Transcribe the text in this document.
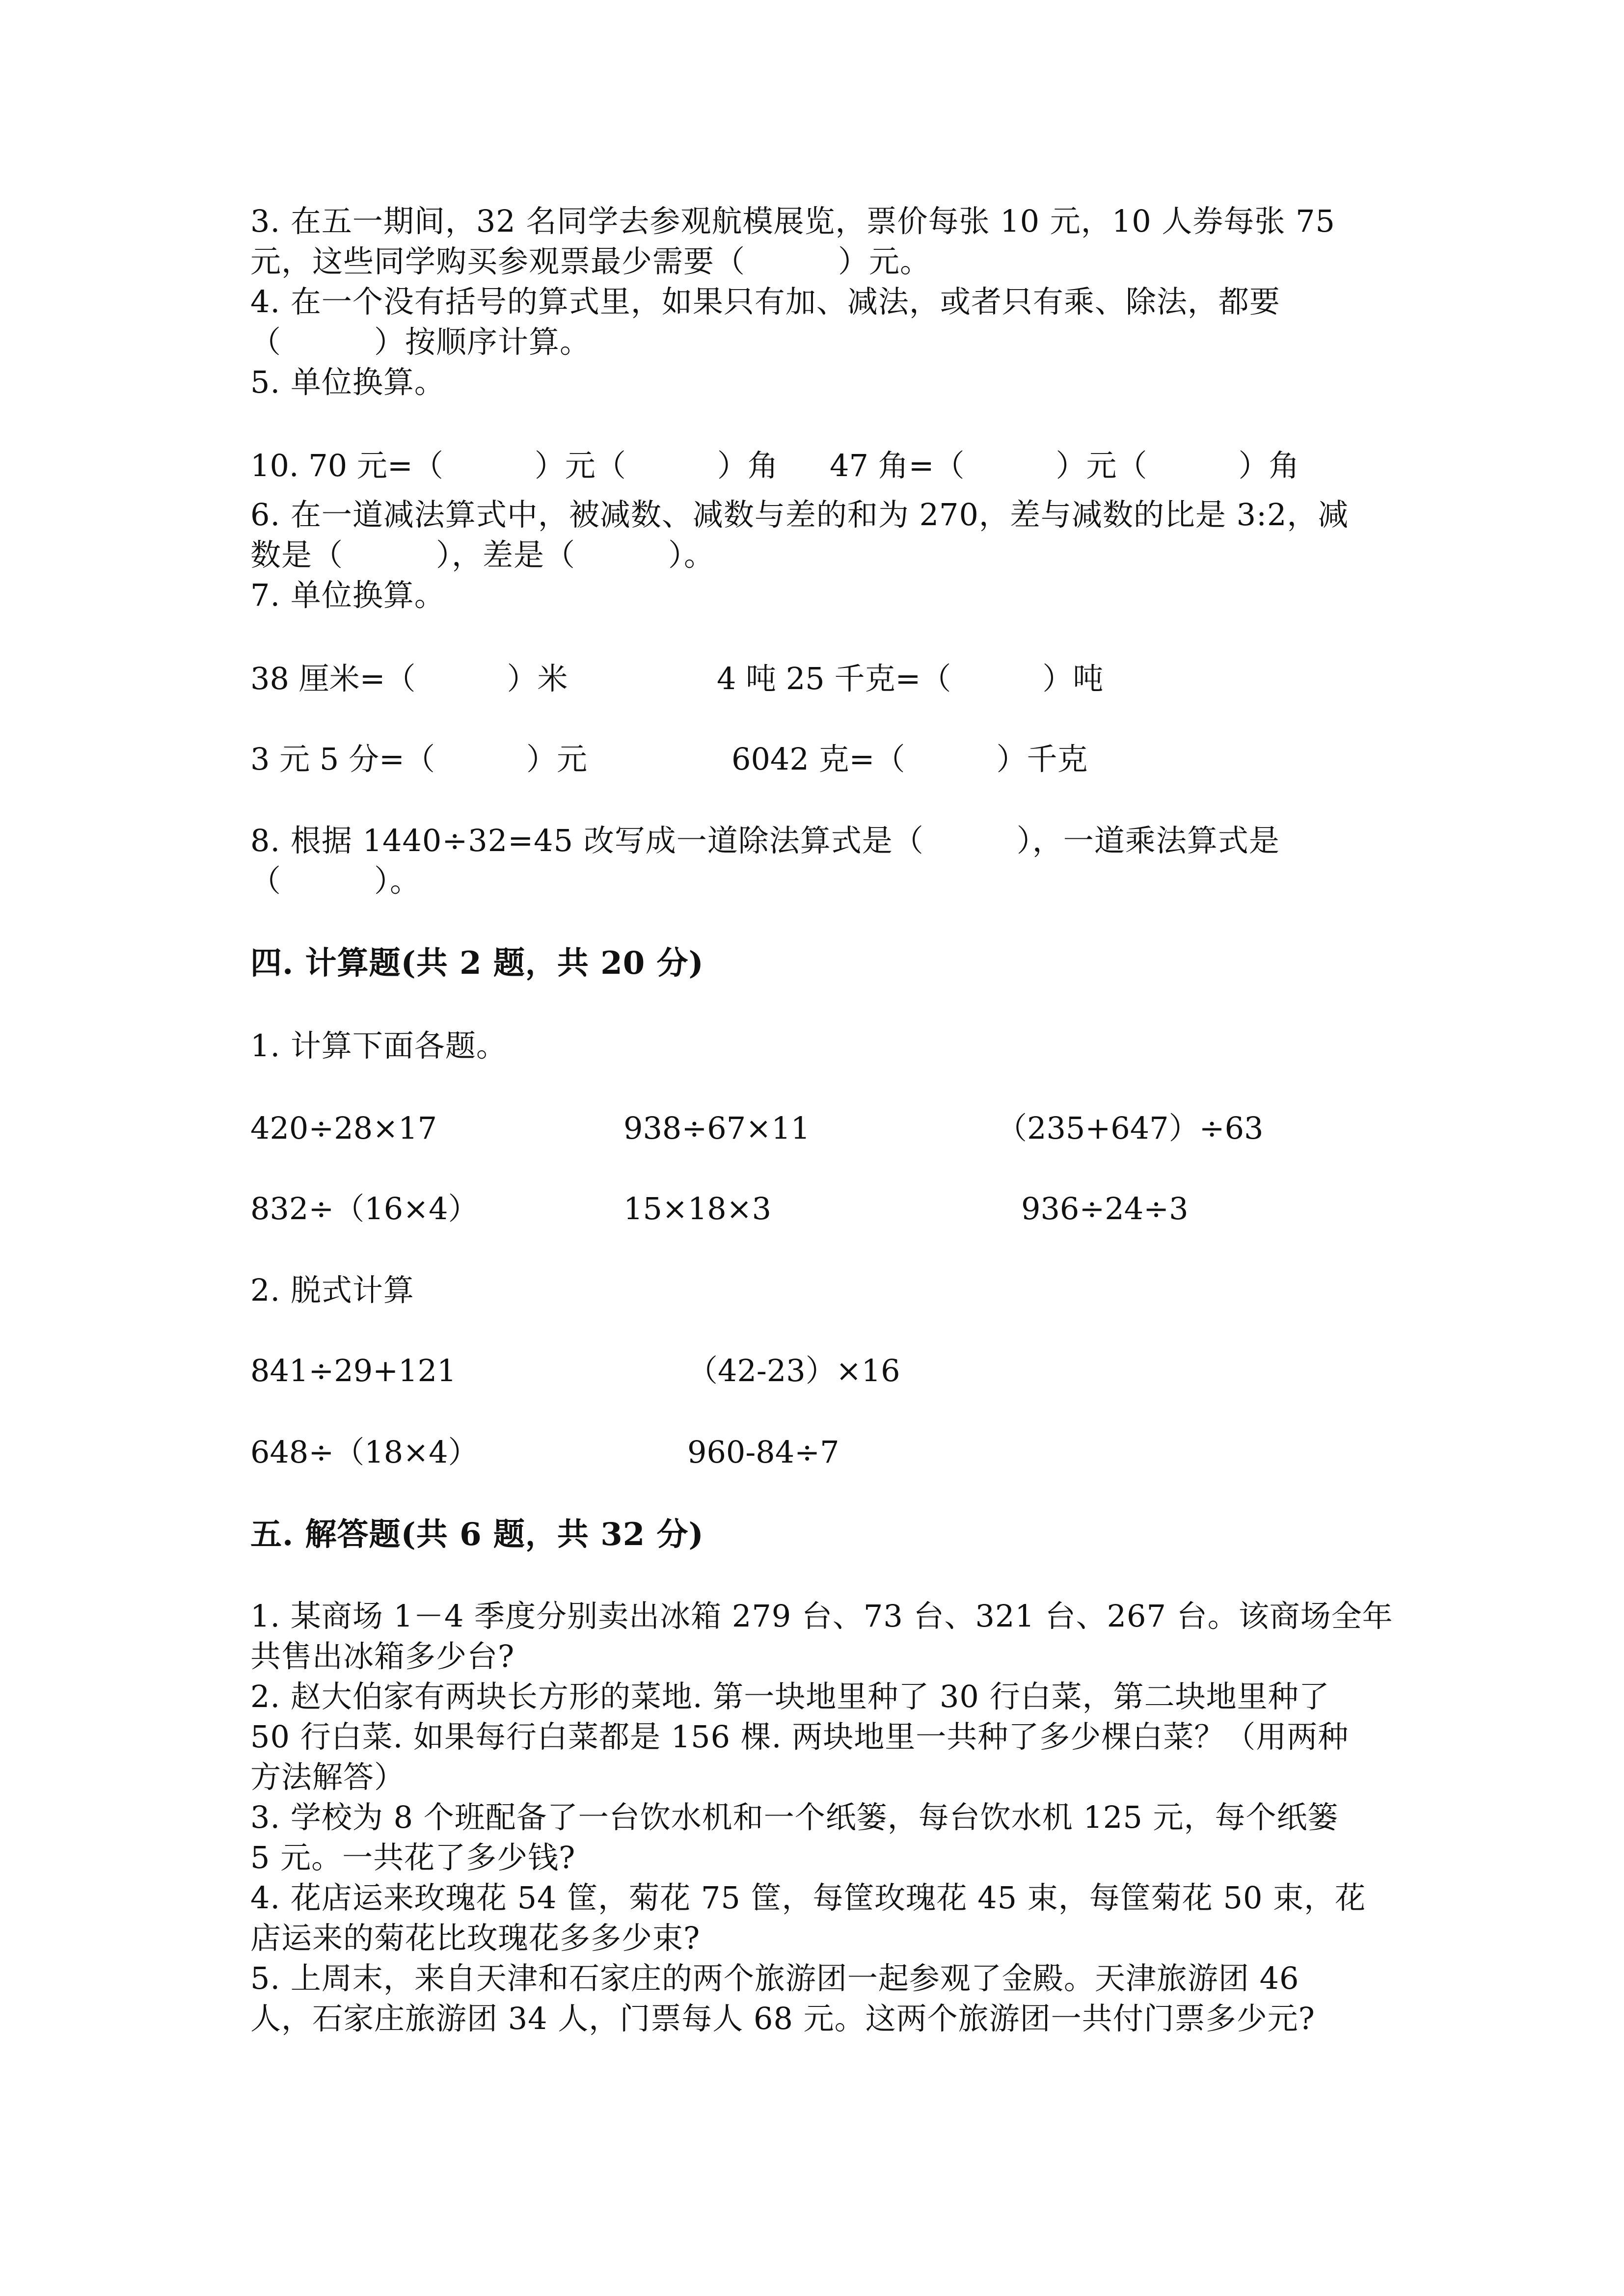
3. 在五一期间，32 名同学去参观航模展览，票价每张 10 元，10 人券每张 75
元，这些同学购买参观票最少需要（　　　）元。
4. 在一个没有括号的算式里，如果只有加、减法，或者只有乘、除法，都要
（　　　）按顺序计算。
5. 单位换算。
10. 70 元=（　　　）元（　　　）角 47 角=（　　　）元（　　　）角
6. 在一道减法算式中，被减数、减数与差的和为 270，差与减数的比是 3:2，减
数是（　　　），差是（　　　）。
7. 单位换算。
38 厘米=（　　　）米	4 吨 25 千克=（　　　）吨
3 元 5 分=（　　　）元	6042 克=（　　　）千克
8. 根据 1440÷32=45 改写成一道除法算式是（　　　），一道乘法算式是
（　　　）。
四. 计算题(共 2 题，共 20 分)
1. 计算下面各题。
420÷28×17	938÷67×11	（235+647）÷63
832÷（16×4）	15×18×3	936÷24÷3
2. 脱式计算
841÷29+121	（42-23）×16
648÷（18×4）	960-84÷7
五. 解答题(共 6 题，共 32 分)
1. 某商场 1－4 季度分别卖出冰箱 279 台、73 台、321 台、267 台。该商场全年
共售出冰箱多少台?
2. 赵大伯家有两块长方形的菜地. 第一块地里种了 30 行白菜，第二块地里种了
50 行白菜. 如果每行白菜都是 156 棵. 两块地里一共种了多少棵白菜？（用两种
方法解答）
3. 学校为 8 个班配备了一台饮水机和一个纸篓，每台饮水机 125 元，每个纸篓
5 元。一共花了多少钱?
4. 花店运来玫瑰花 54 筐，菊花 75 筐，每筐玫瑰花 45 束，每筐菊花 50 束，花
店运来的菊花比玫瑰花多多少束?
5. 上周末，来自天津和石家庄的两个旅游团一起参观了金殿。天津旅游团 46
人，石家庄旅游团 34 人，门票每人 68 元。这两个旅游团一共付门票多少元?
